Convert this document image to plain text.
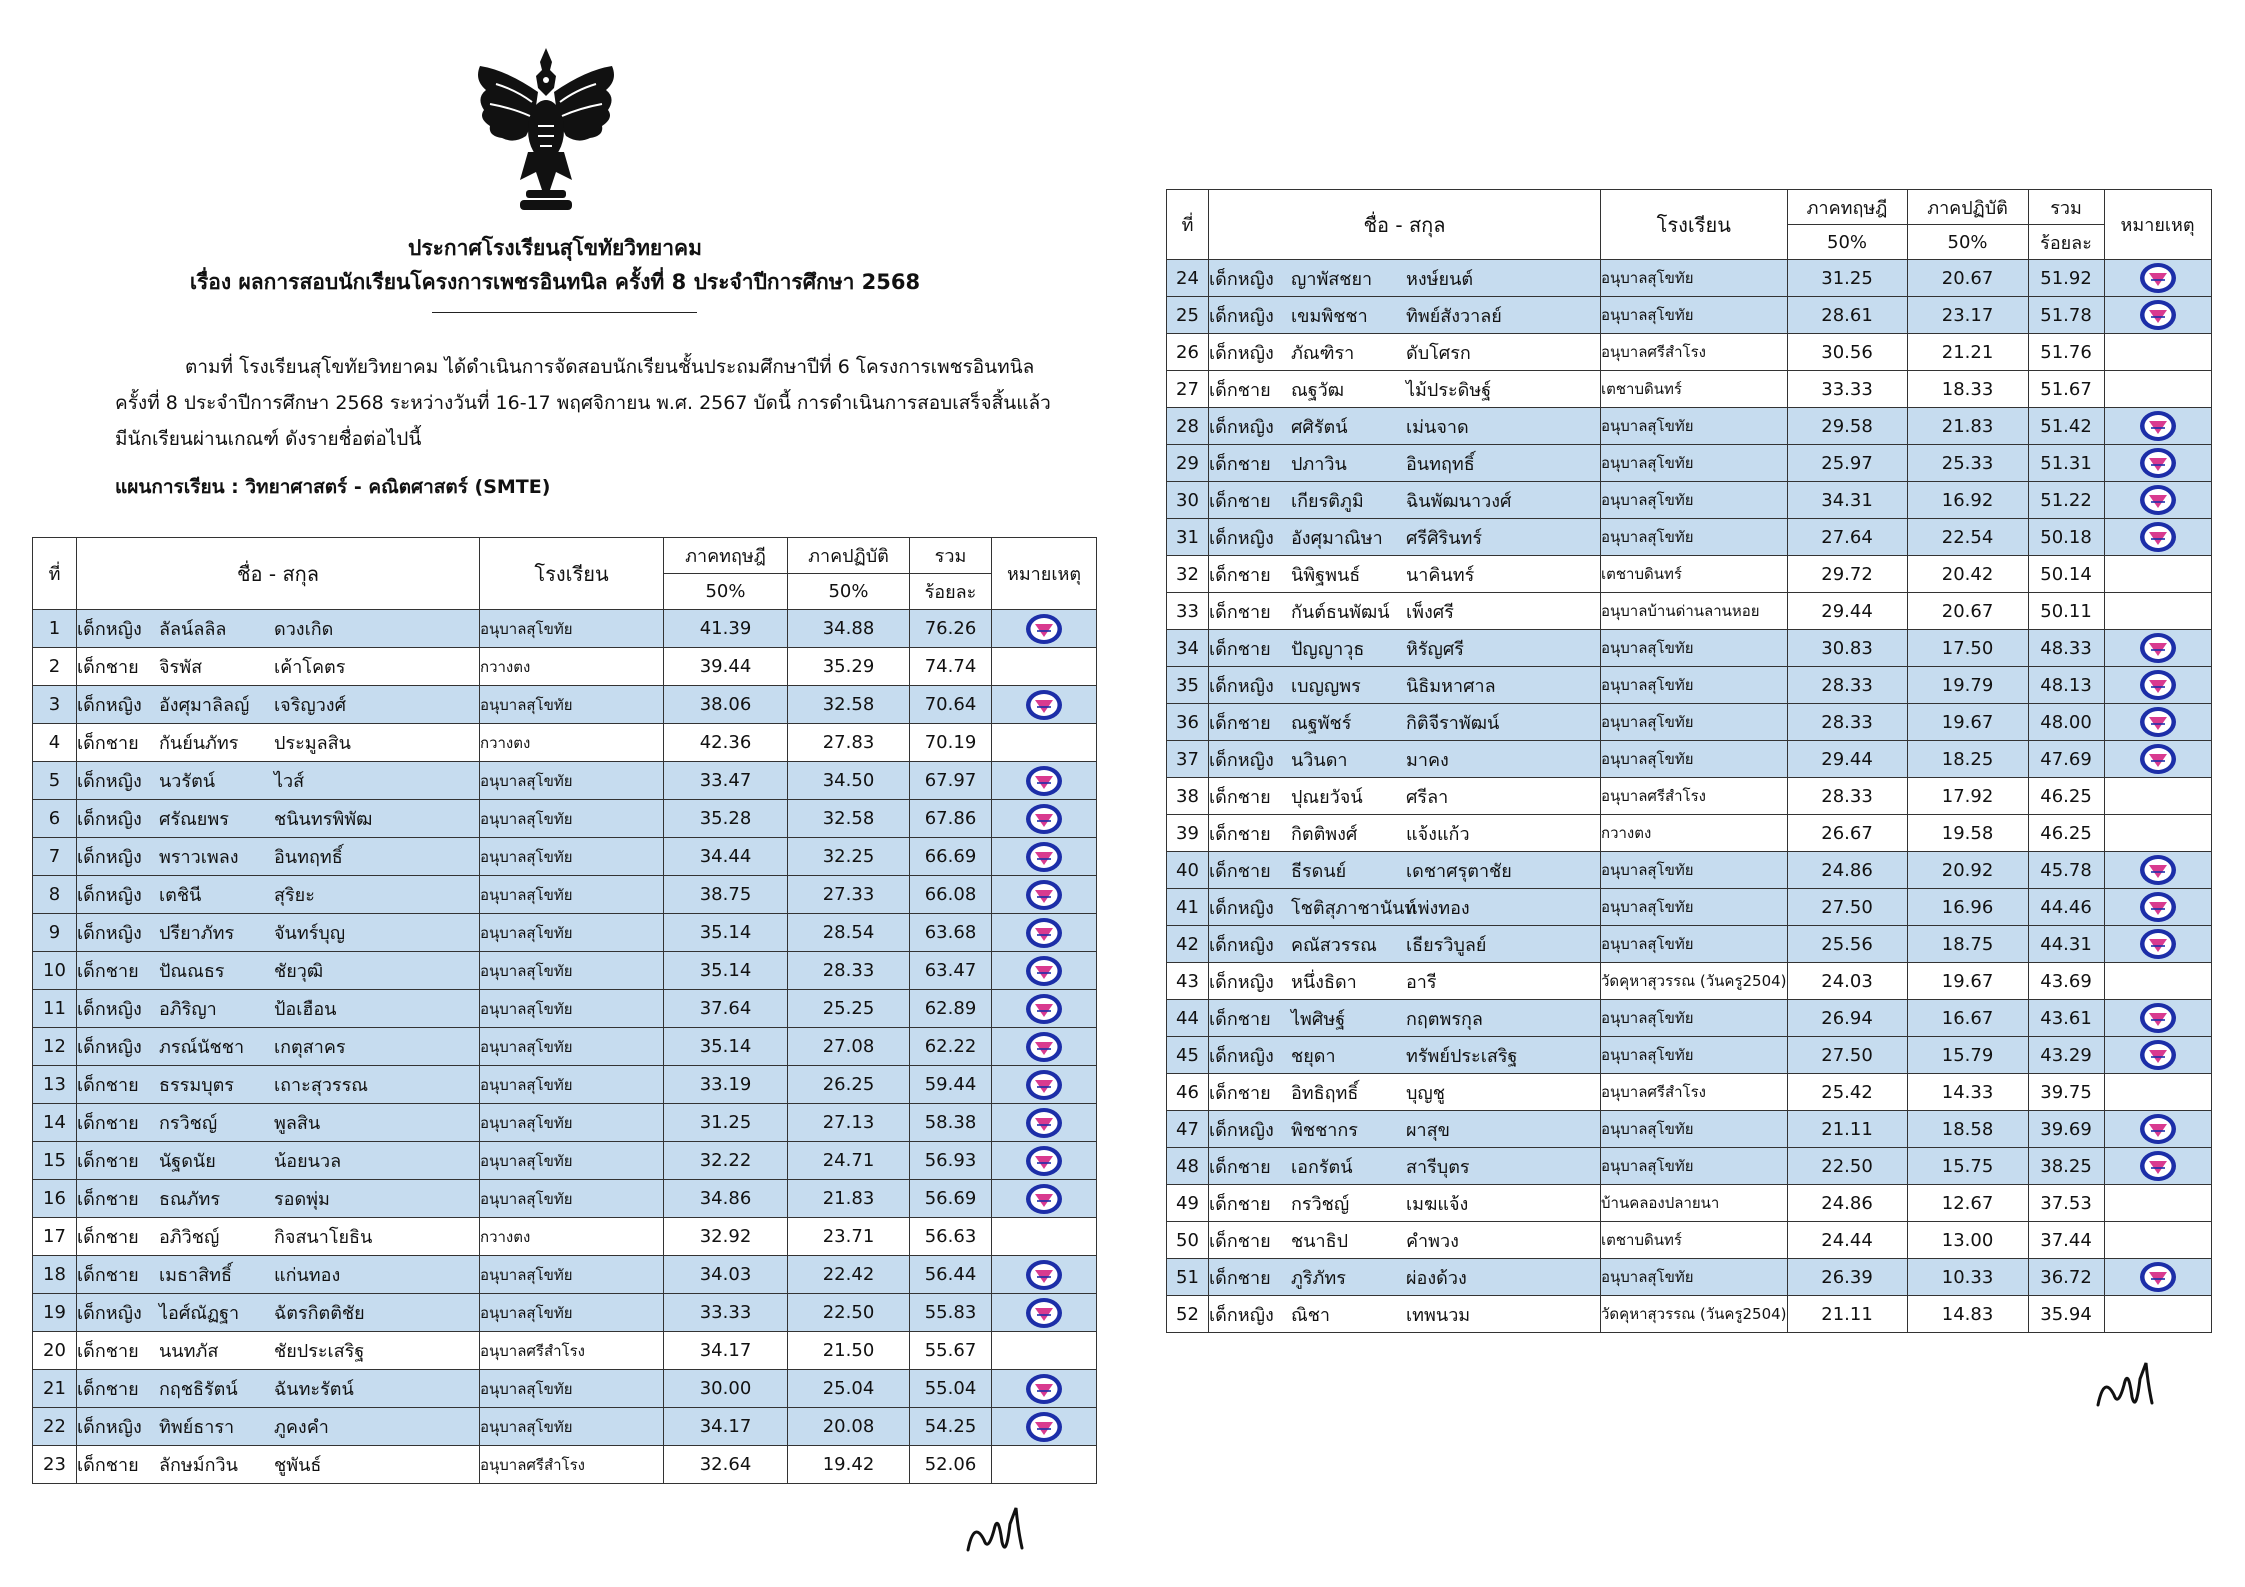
ประกาศโรงเรียนสุโขทัยวิทยาคม
เรื่อง ผลการสอบนักเรียนโครงการเพชรอินทนิล ครั้งที่ 8 ประจำปีการศึกษา 2568
ตามที่ โรงเรียนสุโขทัยวิทยาคม ได้ดำเนินการจัดสอบนักเรียนชั้นประถมศึกษาปีที่ 6 โครงการเพชรอินทนิล
ครั้งที่ 8 ประจำปีการศึกษา 2568 ระหว่างวันที่ 16-17 พฤศจิกายน พ.ศ. 2567 บัดนี้ การดำเนินการสอบเสร็จสิ้นแล้ว
มีนักเรียนผ่านเกณฑ์ ดังรายชื่อต่อไปนี้
แผนการเรียน : วิทยาศาสตร์ - คณิตศาสตร์ (SMTE)
ที่	ชื่อ - สกุล	โรงเรียน	ภาคทฤษฎี	ภาคปฏิบัติ	รวม	หมายเหตุ
			50%	50%	ร้อยละ	
1	เด็กหญิง ลัลน์ลลิล ดวงเกิด	อนุบาลสุโขทัย	41.39	34.88	76.26	
2	เด็กชาย จิรพัส เค้าโคตร	กวางตง	39.44	35.29	74.74	
3	เด็กหญิง อังศุมาลิลญ์ เจริญวงศ์	อนุบาลสุโขทัย	38.06	32.58	70.64	
4	เด็กชาย กันย์นภัทร ประมูลสิน	กวางตง	42.36	27.83	70.19	
5	เด็กหญิง นวรัตน์ ไวส์	อนุบาลสุโขทัย	33.47	34.50	67.97	
6	เด็กหญิง ศรัณยพร ชนินทรพิพัฒ	อนุบาลสุโขทัย	35.28	32.58	67.86	
7	เด็กหญิง พราวเพลง อินทฤทธิ์	อนุบาลสุโขทัย	34.44	32.25	66.69	
8	เด็กหญิง เตชินี สุริยะ	อนุบาลสุโขทัย	38.75	27.33	66.08	
9	เด็กหญิง ปรียาภัทร จันทร์บุญ	อนุบาลสุโขทัย	35.14	28.54	63.68	
10	เด็กชาย ปัณณธร ชัยวุฒิ	อนุบาลสุโขทัย	35.14	28.33	63.47	
11	เด็กหญิง อภิริญา ป้อเฮือน	อนุบาลสุโขทัย	37.64	25.25	62.89	
12	เด็กหญิง ภรณ์นัชชา เกตุสาคร	อนุบาลสุโขทัย	35.14	27.08	62.22	
13	เด็กชาย ธรรมบุตร เถาะสุวรรณ	อนุบาลสุโขทัย	33.19	26.25	59.44	
14	เด็กชาย กรวิชญ์ พูลสิน	อนุบาลสุโขทัย	31.25	27.13	58.38	
15	เด็กชาย นัฐดนัย น้อยนวล	อนุบาลสุโขทัย	32.22	24.71	56.93	
16	เด็กชาย ธณภัทร รอดพุ่ม	อนุบาลสุโขทัย	34.86	21.83	56.69	
17	เด็กชาย อภิวิชญ์ กิจสนาโยธิน	กวางตง	32.92	23.71	56.63	
18	เด็กชาย เมธาสิทธิ์ แก่นทอง	อนุบาลสุโขทัย	34.03	22.42	56.44	
19	เด็กหญิง ไอศ์ณัฏฐา ฉัตรกิตติชัย	อนุบาลสุโขทัย	33.33	22.50	55.83	
20	เด็กชาย นนทภัส ชัยประเสริฐ	อนุบาลศรีสำโรง	34.17	21.50	55.67	
21	เด็กชาย กฤชธิรัตน์ ฉันทะรัตน์	อนุบาลสุโขทัย	30.00	25.04	55.04	
22	เด็กหญิง ทิพย์ธารา ภูคงคำ	อนุบาลสุโขทัย	34.17	20.08	54.25	
23	เด็กชาย ลักษม์กวิน ชูพันธ์	อนุบาลศรีสำโรง	32.64	19.42	52.06	
ที่	ชื่อ - สกุล	โรงเรียน	ภาคทฤษฎี	ภาคปฏิบัติ	รวม	หมายเหตุ
			50%	50%	ร้อยละ	
24	เด็กหญิง ญาพัสชยา หงษ์ยนต์	อนุบาลสุโขทัย	31.25	20.67	51.92	
25	เด็กหญิง เขมพิชชา ทิพย์สังวาลย์	อนุบาลสุโขทัย	28.61	23.17	51.78	
26	เด็กหญิง ภัณฑิรา ดับโศรก	อนุบาลศรีสำโรง	30.56	21.21	51.76	
27	เด็กชาย ณฐวัฒ ไม้ประดิษฐ์	เตชาบดินทร์	33.33	18.33	51.67	
28	เด็กหญิง ศศิรัตน์ เม่นจาด	อนุบาลสุโขทัย	29.58	21.83	51.42	
29	เด็กชาย ปภาวิน อินทฤทธิ์	อนุบาลสุโขทัย	25.97	25.33	51.31	
30	เด็กชาย เกียรติภูมิ ฉินพัฒนาวงศ์	อนุบาลสุโขทัย	34.31	16.92	51.22	
31	เด็กหญิง อังศุมาณิษา ศรีศิรินทร์	อนุบาลสุโขทัย	27.64	22.54	50.18	
32	เด็กชาย นิพิฐพนธ์ นาคินทร์	เตชาบดินทร์	29.72	20.42	50.14	
33	เด็กชาย กันต์ธนพัฒน์ เพ็งศรี	อนุบาลบ้านด่านลานหอย	29.44	20.67	50.11	
34	เด็กชาย ปัญญาวุธ หิรัญศรี	อนุบาลสุโขทัย	30.83	17.50	48.33	
35	เด็กหญิง เบญญพร นิธิมหาศาล	อนุบาลสุโขทัย	28.33	19.79	48.13	
36	เด็กชาย ณฐพัชร์ กิติจีราพัฒน์	อนุบาลสุโขทัย	28.33	19.67	48.00	
37	เด็กหญิง นวินดา มาคง	อนุบาลสุโขทัย	29.44	18.25	47.69	
38	เด็กชาย ปุณยวัจน์ ศรีลา	อนุบาลศรีสำโรง	28.33	17.92	46.25	
39	เด็กชาย กิตติพงศ์ แจ้งแก้ว	กวางตง	26.67	19.58	46.25	
40	เด็กชาย ธีรดนย์ เดชาศรุตาชัย	อนุบาลสุโขทัย	24.86	20.92	45.78	
41	เด็กหญิง โชติสุภาชานันท์แพ่งทอง	อนุบาลสุโขทัย	27.50	16.96	44.46	
42	เด็กหญิง คณัสวรรณ เธียรวิบูลย์	อนุบาลสุโขทัย	25.56	18.75	44.31	
43	เด็กหญิง หนึ่งธิดา อารี	วัดคุหาสุวรรณ (วันครู2504)	24.03	19.67	43.69	
44	เด็กชาย ไพศิษฐ์ กฤตพรกุล	อนุบาลสุโขทัย	26.94	16.67	43.61	
45	เด็กหญิง ชยุดา ทรัพย์ประเสริฐ	อนุบาลสุโขทัย	27.50	15.79	43.29	
46	เด็กชาย อิทธิฤทธิ์ บุญชู	อนุบาลศรีสำโรง	25.42	14.33	39.75	
47	เด็กหญิง พิชชากร ผาสุข	อนุบาลสุโขทัย	21.11	18.58	39.69	
48	เด็กชาย เอกรัตน์ สารีบุตร	อนุบาลสุโขทัย	22.50	15.75	38.25	
49	เด็กชาย กรวิชญ์ เมฆแจ้ง	บ้านคลองปลายนา	24.86	12.67	37.53	
50	เด็กชาย ชนาธิป คำพวง	เตชาบดินทร์	24.44	13.00	37.44	
51	เด็กชาย ภูริภัทร ผ่องด้วง	อนุบาลสุโขทัย	26.39	10.33	36.72	
52	เด็กหญิง ณิชา เทพนวม	วัดคุหาสุวรรณ (วันครู2504)	21.11	14.83	35.94	
